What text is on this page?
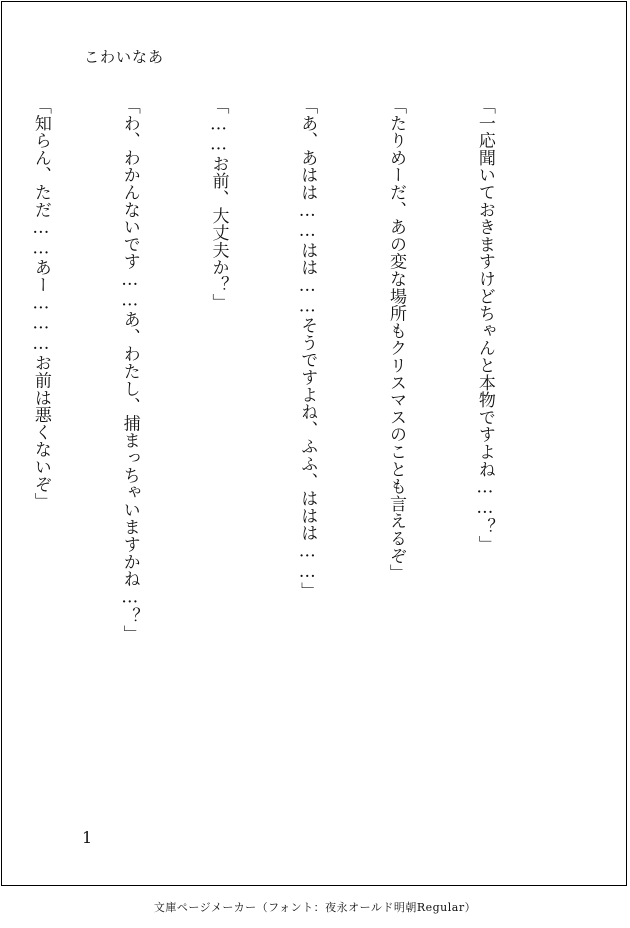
こわいなあ

「一応聞いておきますけどちゃんと本物ですよね……？」

「たりめーだ、あの変な場所もクリスマスのことも言えるぞ」

「あ、あはは……はは……そうですよね、ふふ、ははは……」

「……お前、大丈夫か？」

「わ、わかんないです……あ、わたし、捕まっちゃいますかね…？」

「知らん、ただ……あー………お前は悪くないぞ」

1
文庫ページメーカー（フォント：夜永オールド明朝Regular）
